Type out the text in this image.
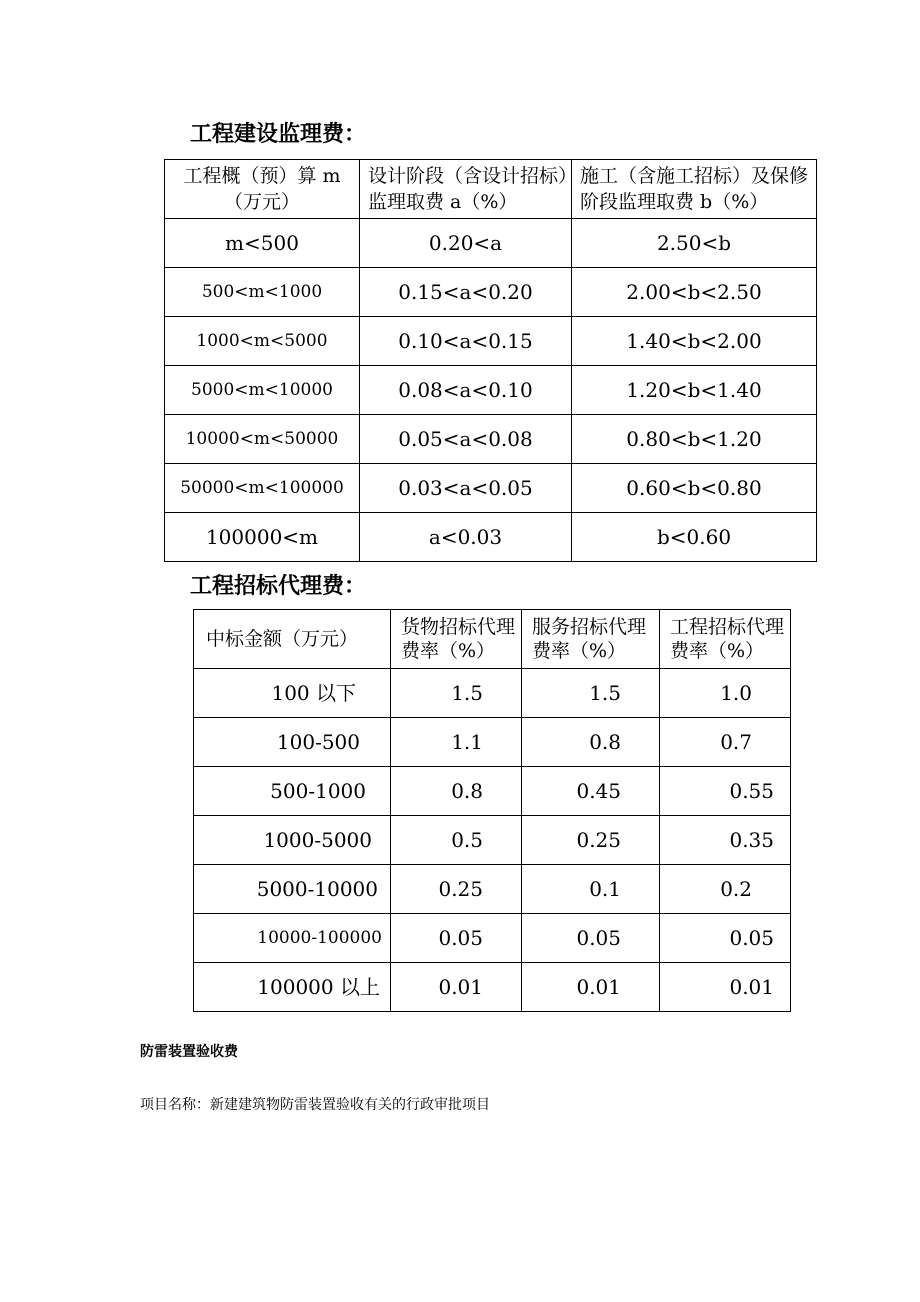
工程建设监理费：
工程概（预）算 m（万元）	设计阶段（含设计招标）监理取费 a（%）	施工（含施工招标）及保修阶段监理取费 b（%）
m<500	0.20<a	2.50<b
500<m<1000	0.15<a<0.20	2.00<b<2.50
1000<m<5000	0.10<a<0.15	1.40<b<2.00
5000<m<10000	0.08<a<0.10	1.20<b<1.40
10000<m<50000	0.05<a<0.08	0.80<b<1.20
50000<m<100000	0.03<a<0.05	0.60<b<0.80
100000<m	a<0.03	b<0.60
工程招标代理费：
中标金额（万元）	货物招标代理费率（%）	服务招标代理费率（%）	工程招标代理费率（%）
100 以下	1.5	1.5	1.0
100-500	1.1	0.8	0.7
500-1000	0.8	0.45	0.55
1000-5000	0.5	0.25	0.35
5000-10000	0.25	0.1	0.2
10000-100000	0.05	0.05	0.05
100000 以上	0.01	0.01	0.01

防雷装置验收费

项目名称：新建建筑物防雷装置验收有关的行政审批项目
